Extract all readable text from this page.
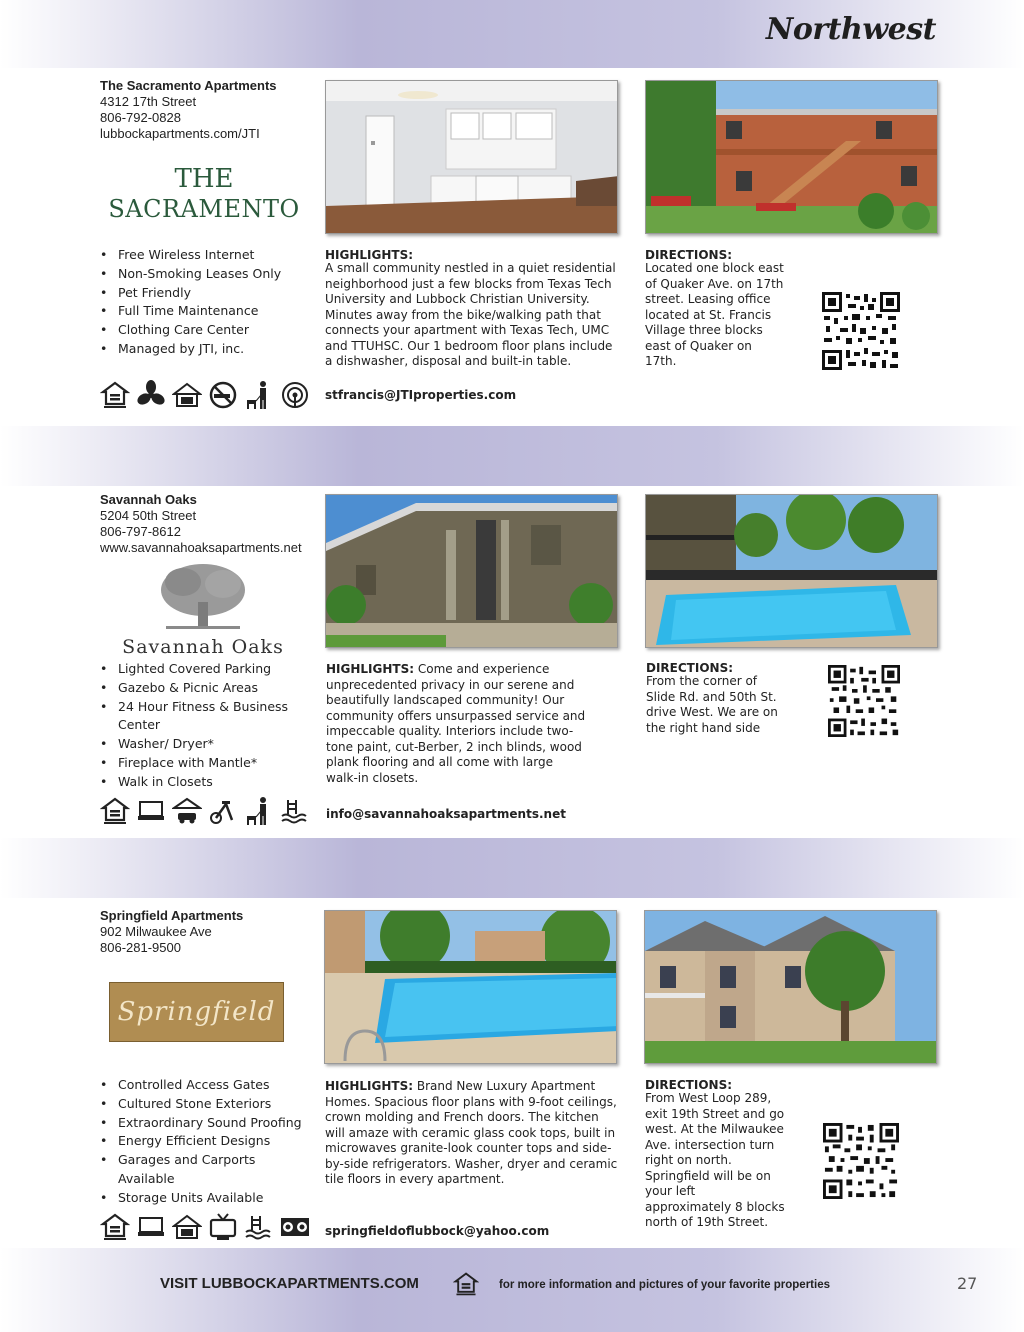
Northwest
The Sacramento Apartments
4312 17th Street
806-792-0828
lubbockapartments.com/JTI
THE
SACRAMENTO
• Free Wireless Internet
• Non-Smoking Leases Only
• Pet Friendly
• Full Time Maintenance
• Clothing Care Center
• Managed by JTI, inc.
HIGHLIGHTS:
A small community nestled in a quiet residential neighborhood just a few blocks from Texas Tech University and Lubbock Christian University. Minutes away from the bike/walking path that connects your apartment with Texas Tech, UMC and TTUHSC. Our 1 bedroom floor plans include a dishwasher, disposal and built-in table.
DIRECTIONS:
Located one block east of Quaker Ave. on 17th street. Leasing office located at St. Francis Village three blocks east of Quaker on 17th.
stfrancis@JTIproperties.com
Savannah Oaks
5204 50th Street
806-797-8612
www.savannahoaksapartments.net
Savannah Oaks
• Lighted Covered Parking
• Gazebo & Picnic Areas
• 24 Hour Fitness & Business Center
• Washer/ Dryer*
• Fireplace with Mantle*
• Walk in Closets
HIGHLIGHTS: Come and experience unprecedented privacy in our serene and beautifully landscaped community! Our community offers unsurpassed service and impeccable quality. Interiors include two-tone paint, cut-Berber, 2 inch blinds, wood plank flooring and all come with large walk-in closets.
DIRECTIONS:
From the corner of Slide Rd. and 50th St. drive West. We are on the right hand side
info@savannahoaksapartments.net
Springfield Apartments
902 Milwaukee Ave
806-281-9500
Springfield
• Controlled Access Gates
• Cultured Stone Exteriors
• Extraordinary Sound Proofing
• Energy Efficient Designs
• Garages and Carports Available
• Storage Units Available
HIGHLIGHTS: Brand New Luxury Apartment Homes. Spacious floor plans with 9-foot ceilings, crown molding and French doors. The kitchen will amaze with ceramic glass cook tops, built in microwaves granite-look counter tops and side-by-side refrigerators. Washer, dryer and ceramic tile floors in every apartment.
DIRECTIONS:
From West Loop 289, exit 19th Street and go west. At the Milwaukee Ave. intersection turn right on north. Springfield will be on your left approximately 8 blocks north of 19th Street.
springfieldoflubbock@yahoo.com
VISIT LUBBOCKAPARTMENTS.COM	for more information and pictures of your favorite properties	27
